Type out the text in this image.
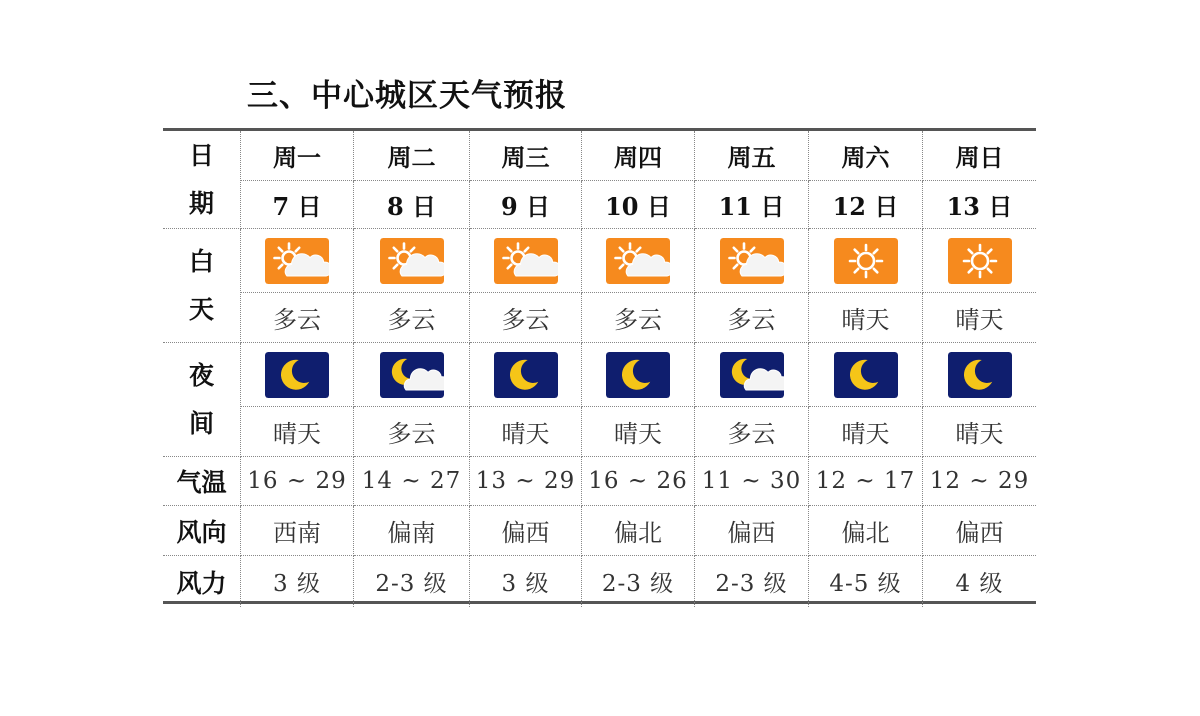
三、中心城区天气预报
日
期
白
天
夜
间
气温
风向
风力
周一
7 日
多云
晴天
16 ~ 29
西南
3 级
周二
8 日
多云
多云
14 ~ 27
偏南
2-3 级
周三
9 日
多云
晴天
13 ~ 29
偏西
3 级
周四
10 日
多云
晴天
16 ~ 26
偏北
2-3 级
周五
11 日
多云
多云
11 ~ 30
偏西
2-3 级
周六
12 日
晴天
晴天
12 ~ 17
偏北
4-5 级
周日
13 日
晴天
晴天
12 ~ 29
偏西
4 级
